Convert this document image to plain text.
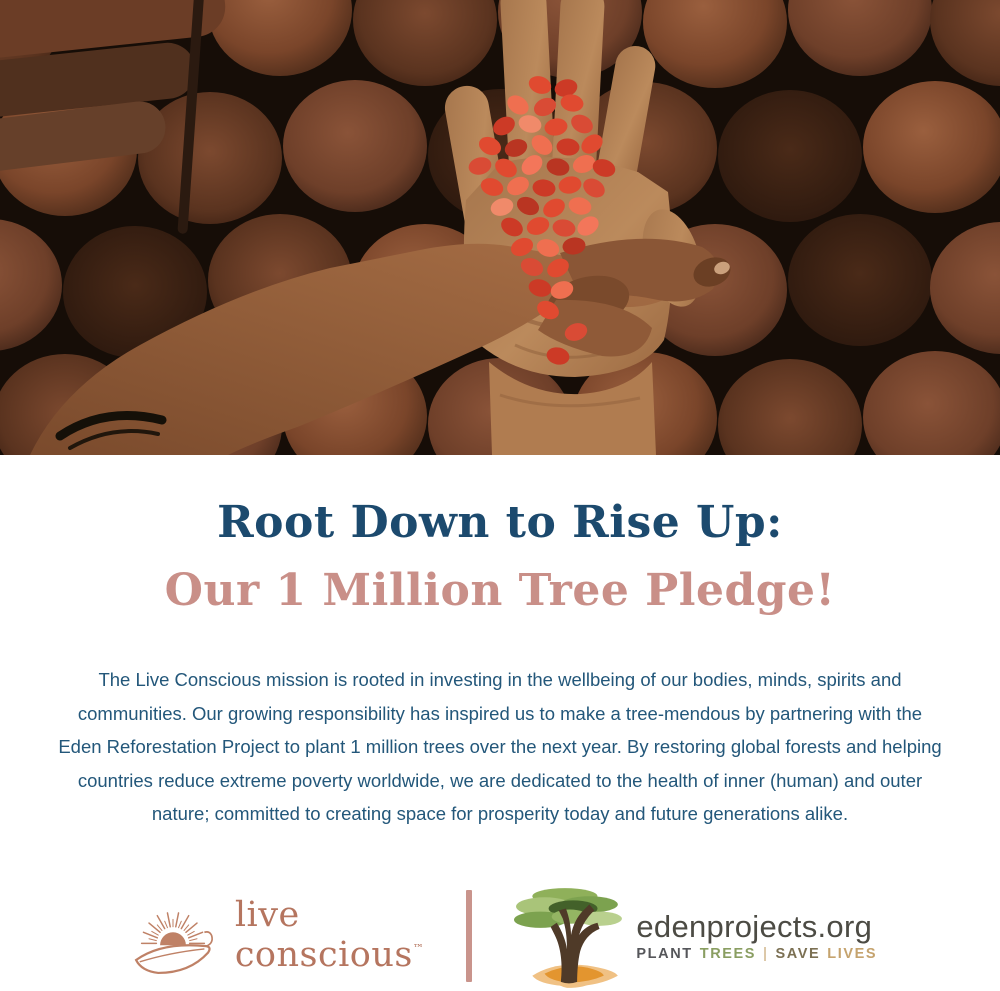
Root Down to Rise Up:
Our 1 Million Tree Pledge!

The Live Conscious mission is rooted in investing in the wellbeing of our bodies, minds, spirits and communities. Our growing responsibility has inspired us to make a tree-mendous by partnering with the Eden Reforestation Project to plant 1 million trees over the next year. By restoring global forests and helping countries reduce extreme poverty worldwide, we are dedicated to the health of inner (human) and outer nature; committed to creating space for prosperity today and future generations alike.

live
conscious™
edenprojects.org
PLANT TREES | SAVE LIVES
